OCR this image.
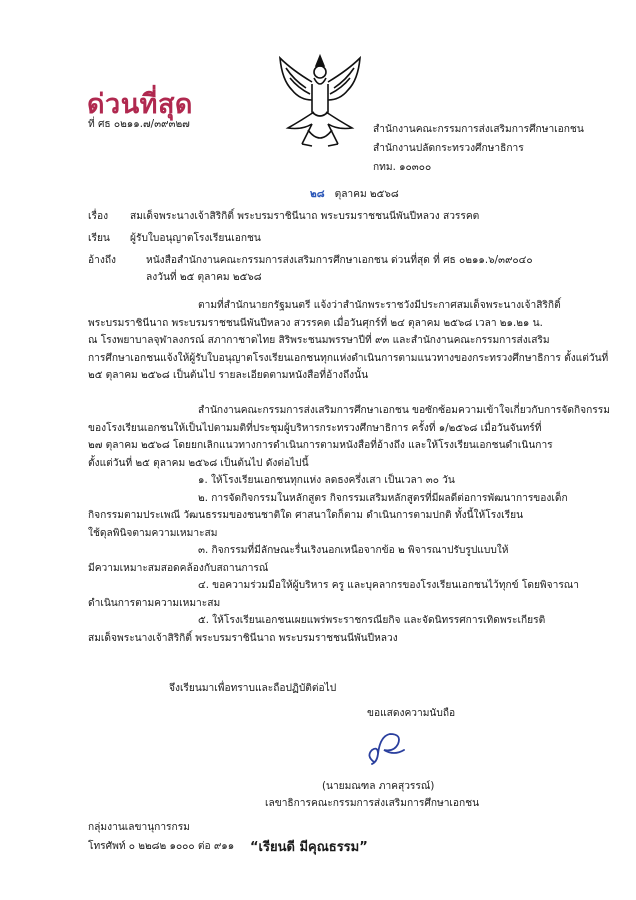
ด่วนที่สุด
ที่ ศธ ๐๒๑๑.๗/๓๙๓๒๗	สำนักงานคณะกรรมการส่งเสริมการศึกษาเอกชน
สำนักงานปลัดกระทรวงศึกษาธิการ
กทม. ๑๐๓๐๐
๒๘ ตุลาคม ๒๕๖๘
เรื่อง สมเด็จพระนางเจ้าสิริกิติ์ พระบรมราชินีนาถ พระบรมราชชนนีพันปีหลวง สวรรคต
เรียน ผู้รับใบอนุญาตโรงเรียนเอกชน
อ้างถึง	หนังสือสำนักงานคณะกรรมการส่งเสริมการศึกษาเอกชน ด่วนที่สุด ที่ ศธ ๐๒๑๑.๖/๓๙๐๔๐
ลงวันที่ ๒๕ ตุลาคม ๒๕๖๘
ตามที่สำนักนายกรัฐมนตรี แจ้งว่าสำนักพระราชวังมีประกาศสมเด็จพระนางเจ้าสิริกิติ์
พระบรมราชินีนาถ พระบรมราชชนนีพันปีหลวง สวรรคต เมื่อวันศุกร์ที่ ๒๔ ตุลาคม ๒๕๖๘ เวลา ๒๑.๒๑ น.
ณ โรงพยาบาลจุฬาลงกรณ์ สภากาชาดไทย สิริพระชนมพรรษาปีที่ ๙๓ และสำนักงานคณะกรรมการส่งเสริม
การศึกษาเอกชนแจ้งให้ผู้รับใบอนุญาตโรงเรียนเอกชนทุกแห่งดำเนินการตามแนวทางของกระทรวงศึกษาธิการ ตั้งแต่วันที่
๒๕ ตุลาคม ๒๕๖๘ เป็นต้นไป รายละเอียดตามหนังสือที่อ้างถึงนั้น
สำนักงานคณะกรรมการส่งเสริมการศึกษาเอกชน ขอซักซ้อมความเข้าใจเกี่ยวกับการจัดกิจกรรม
ของโรงเรียนเอกชนให้เป็นไปตามมติที่ประชุมผู้บริหารกระทรวงศึกษาธิการ ครั้งที่ ๑/๒๕๖๘ เมื่อวันจันทร์ที่
๒๗ ตุลาคม ๒๕๖๘ โดยยกเลิกแนวทางการดำเนินการตามหนังสือที่อ้างถึง และให้โรงเรียนเอกชนดำเนินการ
ตั้งแต่วันที่ ๒๕ ตุลาคม ๒๕๖๘ เป็นต้นไป ดังต่อไปนี้
๑. ให้โรงเรียนเอกชนทุกแห่ง ลดธงครึ่งเสา เป็นเวลา ๓๐ วัน
๒. การจัดกิจกรรมในหลักสูตร กิจกรรมเสริมหลักสูตรที่มีผลดีต่อการพัฒนาการของเด็ก
กิจกรรมตามประเพณี วัฒนธรรมของชนชาติใด ศาสนาใดก็ตาม ดำเนินการตามปกติ ทั้งนี้ให้โรงเรียน
ใช้ดุลพินิจตามความเหมาะสม
๓. กิจกรรมที่มีลักษณะรื่นเริงนอกเหนือจากข้อ ๒ พิจารณาปรับรูปแบบให้
มีความเหมาะสมสอดคล้องกับสถานการณ์
๔. ขอความร่วมมือให้ผู้บริหาร ครู และบุคลากรของโรงเรียนเอกชนไว้ทุกข์ โดยพิจารณา
ดำเนินการตามความเหมาะสม
๕. ให้โรงเรียนเอกชนเผยแพร่พระราชกรณียกิจ และจัดนิทรรศการเทิดพระเกียรติ
สมเด็จพระนางเจ้าสิริกิติ์ พระบรมราชินีนาถ พระบรมราชชนนีพันปีหลวง
จึงเรียนมาเพื่อทราบและถือปฏิบัติต่อไป
ขอแสดงความนับถือ
(นายมณฑล ภาคสุวรรณ์)
เลขาธิการคณะกรรมการส่งเสริมการศึกษาเอกชน
กลุ่มงานเลขานุการกรม
โทรศัพท์ ๐ ๒๒๘๒ ๑๐๐๐ ต่อ ๙๑๑ “เรียนดี มีคุณธรรม”
